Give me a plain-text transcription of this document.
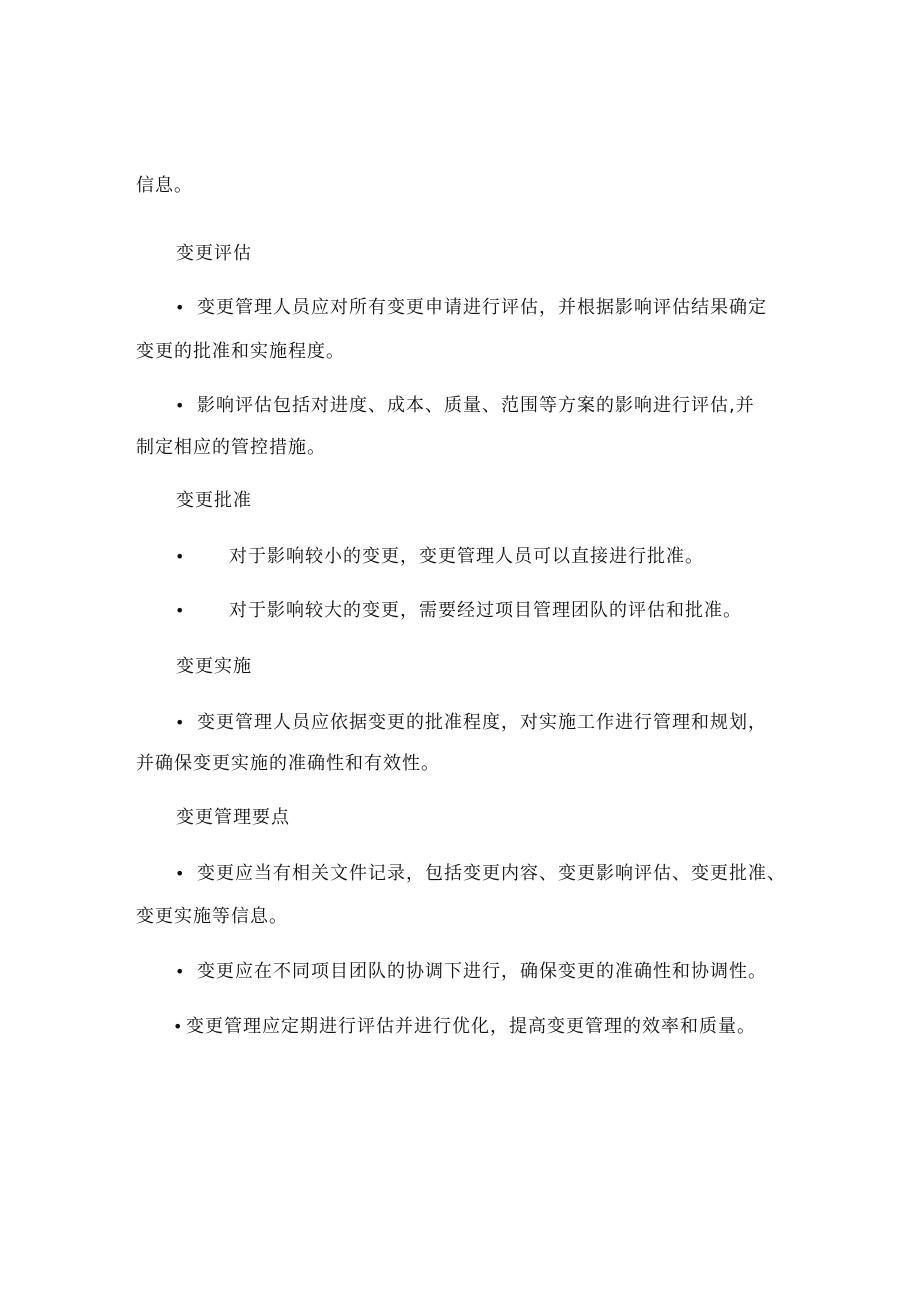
信息。
变更评估
• 变更管理人员应对所有变更申请进行评估，并根据影响评估结果确定
变更的批准和实施程度。
• 影响评估包括对进度、成本、质量、范围等方案的影响进行评估,并
制定相应的管控措施。
变更批准
• 对于影响较小的变更，变更管理人员可以直接进行批准。
• 对于影响较大的变更，需要经过项目管理团队的评估和批准。
变更实施
• 变更管理人员应依据变更的批准程度，对实施工作进行管理和规划，
并确保变更实施的准确性和有效性。
变更管理要点
• 变更应当有相关文件记录，包括变更内容、变更影响评估、变更批准、
变更实施等信息。
• 变更应在不同项目团队的协调下进行，确保变更的准确性和协调性。
• 变更管理应定期进行评估并进行优化，提高变更管理的效率和质量。
